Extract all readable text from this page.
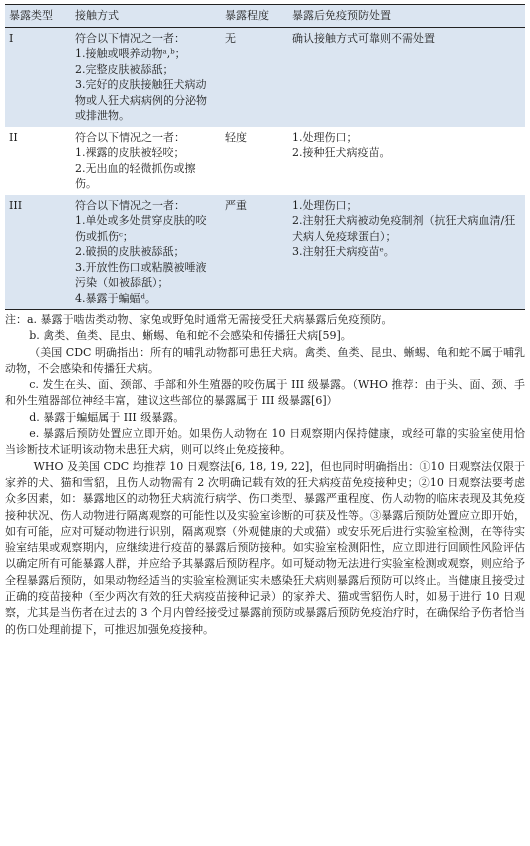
暴露类型	接触方式	暴露程度	暴露后免疫预防处置
I	符合以下情况之一者：
1.接触或喂养动物ᵃ,ᵇ；
2.完整皮肤被舔舐；
3.完好的皮肤接触狂犬病动物或人狂犬病病例的分泌物或排泄物。	无	确认接触方式可靠则不需处置

II	符合以下情况之一者：
1.裸露的皮肤被轻咬；
2.无出血的轻微抓伤或擦伤。	轻度	1.处理伤口；
2.接种狂犬病疫苗。

III	符合以下情况之一者：
1.单处或多处贯穿皮肤的咬伤或抓伤ᶜ；
2.破损的皮肤被舔舐；
3.开放性伤口或粘膜被唾液污染（如被舔舐）；
4.暴露于蝙蝠ᵈ。	严重	1.处理伤口；
2.注射狂犬病被动免疫制剂（抗狂犬病血清/狂犬病人免疫球蛋白）；
3.注射狂犬病疫苗ᵉ。

注：a. 暴露于啮齿类动物、家兔或野兔时通常无需接受狂犬病暴露后免疫预防。

b. 禽类、鱼类、昆虫、蜥蜴、龟和蛇不会感染和传播狂犬病[59]。

（美国 CDC 明确指出：所有的哺乳动物都可患狂犬病。禽类、鱼类、昆虫、蜥蜴、龟和蛇不属于哺乳动物，不会感染和传播狂犬病。

c. 发生在头、面、颈部、手部和外生殖器的咬伤属于 III 级暴露。（WHO 推荐：由于头、面、颈、手和外生殖器部位神经丰富，建议这些部位的暴露属于 III 级暴露[6]）

d. 暴露于蝙蝠属于 III 级暴露。

e. 暴露后预防处置应立即开始。如果伤人动物在 10 日观察期内保持健康，或经可靠的实验室使用恰当诊断技术证明该动物未患狂犬病，则可以终止免疫接种。

WHO 及美国 CDC 均推荐 10 日观察法[6, 18, 19, 22]，但也同时明确指出：①10 日观察法仅限于家养的犬、猫和雪貂，且伤人动物需有 2 次明确记载有效的狂犬病疫苗免疫接种史；②10 日观察法要考虑众多因素，如：暴露地区的动物狂犬病流行病学、伤口类型、暴露严重程度、伤人动物的临床表现及其免疫接种状况、伤人动物进行隔离观察的可能性以及实验室诊断的可获及性等。③暴露后预防处置应立即开始，如有可能，应对可疑动物进行识别，隔离观察（外观健康的犬或猫）或安乐死后进行实验室检测，在等待实验室结果或观察期内，应继续进行疫苗的暴露后预防接种。如实验室检测阳性，应立即进行回顾性风险评估以确定所有可能暴露人群，并应给予其暴露后预防程序。如可疑动物无法进行实验室检测或观察，则应给予全程暴露后预防，如果动物经适当的实验室检测证实未感染狂犬病则暴露后预防可以终止。当健康且接受过正确的疫苗接种（至少两次有效的狂犬病疫苗接种记录）的家养犬、猫或雪貂伤人时，如易于进行 10 日观察，尤其是当伤者在过去的 3 个月内曾经接受过暴露前预防或暴露后预防免疫治疗时，在确保给予伤者恰当的伤口处理前提下，可推迟加强免疫接种。
